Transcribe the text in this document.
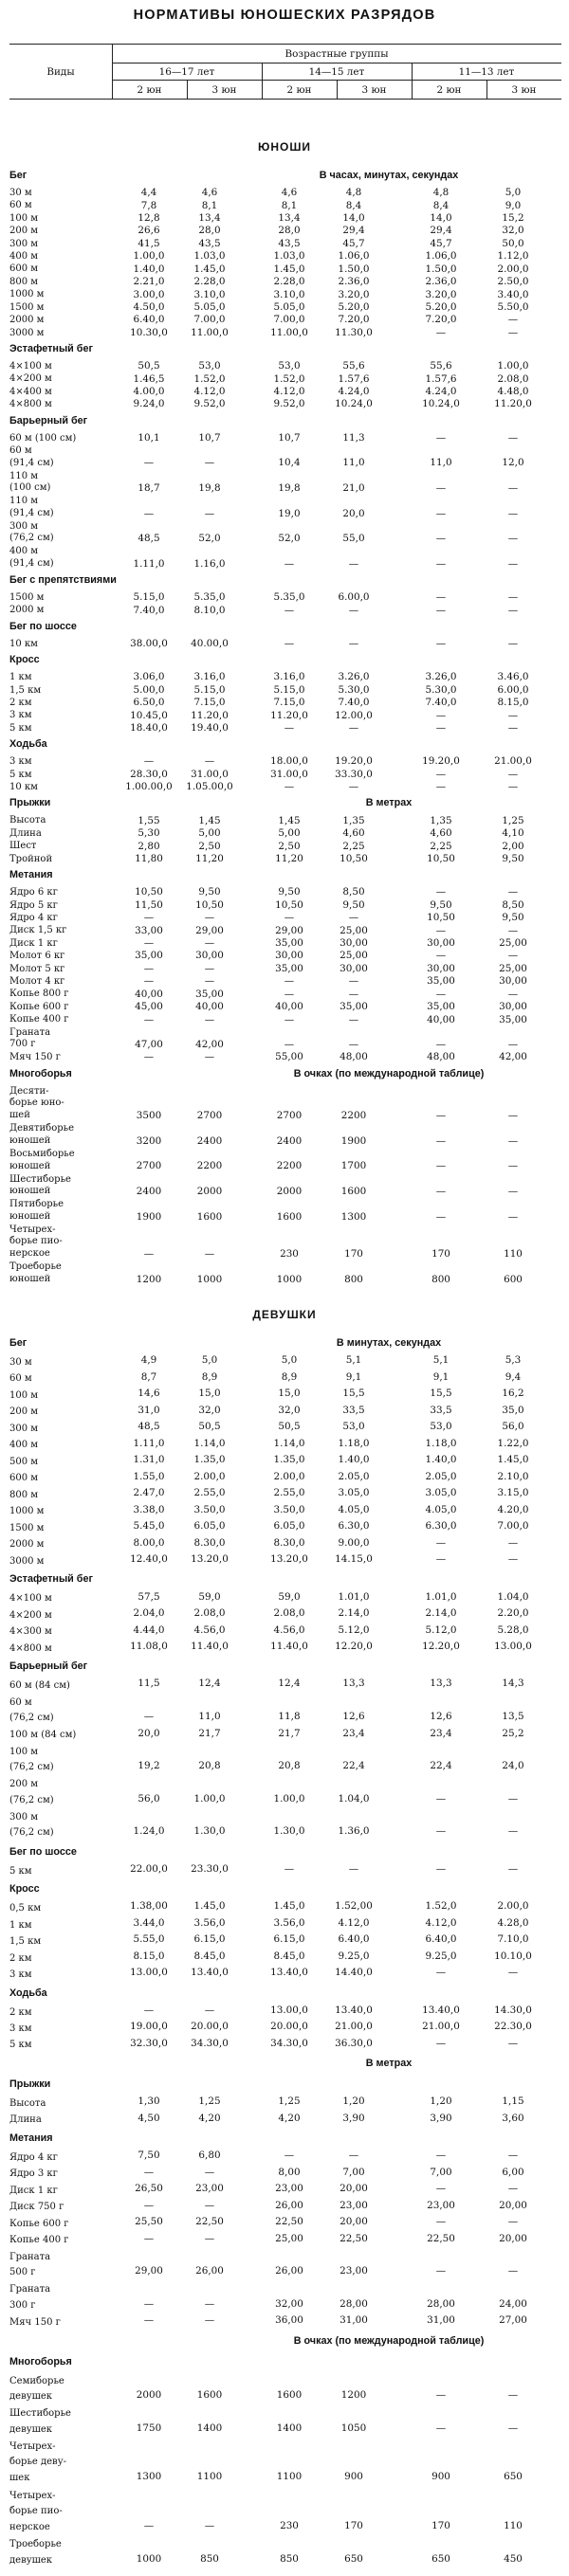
НОРМАТИВЫ ЮНОШЕСКИХ РАЗРЯДОВ
Виды
Возрастные группы
16—17 лет	14—15 лет	11—13 лет
2 юн	3 юн	2 юн	3 юн	2 юн	3 юн
ЮНОШИ
Бег	В часах, минутах, секундах
30 м	4,4	4,6	4,6	4,8	4,8	5,0
60 м	7,8	8,1	8,1	8,4	8,4	9,0
100 м	12,8	13,4	13,4	14,0	14,0	15,2
200 м	26,6	28,0	28,0	29,4	29,4	32,0
300 м	41,5	43,5	43,5	45,7	45,7	50,0
400 м	1.00,0	1.03,0	1.03,0	1.06,0	1.06,0	1.12,0
600 м	1.40,0	1.45,0	1.45,0	1.50,0	1.50,0	2.00,0
800 м	2.21,0	2.28,0	2.28,0	2.36,0	2.36,0	2.50,0
1000 м	3.00,0	3.10,0	3.10,0	3.20,0	3.20,0	3.40,0
1500 м	4.50,0	5.05,0	5.05,0	5.20,0	5.20,0	5.50,0
2000 м	6.40,0	7.00,0	7.00,0	7.20,0	7.20,0	—
3000 м	10.30,0	11.00,0	11.00,0	11.30,0	—	—
Эстафетный бег
4×100 м	50,5	53,0	53,0	55,6	55,6	1.00,0
4×200 м	1.46,5	1.52,0	1.52,0	1.57,6	1.57,6	2.08,0
4×400 м	4.00,0	4.12,0	4.12,0	4.24,0	4.24,0	4.48,0
4×800 м	9.24,0	9.52,0	9.52,0	10.24,0	10.24,0	11.20,0
Барьерный бег
60 м (100 см)	10,1	10,7	10,7	11,3	—	—
60 м
(91,4 см)	—	—	10,4	11,0	11,0	12,0
110 м
(100 см)	18,7	19,8	19,8	21,0	—	—
110 м
(91,4 см)	—	—	19,0	20,0	—	—
300 м
(76,2 см)	48,5	52,0	52,0	55,0	—	—
400 м
(91,4 см)	1.11,0	1.16,0	—	—	—	—
Бег с препятствиями
1500 м	5.15,0	5.35,0	5.35,0	6.00,0	—	—
2000 м	7.40,0	8.10,0	—	—	—	—
Бег по шоссе
10 км	38.00,0	40.00,0	—	—	—	—
Кросс
1 км	3.06,0	3.16,0	3.16,0	3.26,0	3.26,0	3.46,0
1,5 км	5.00,0	5.15,0	5.15,0	5.30,0	5.30,0	6.00,0
2 км	6.50,0	7.15,0	7.15,0	7.40,0	7.40,0	8.15,0
3 км	10.45,0	11.20,0	11.20,0	12.00,0	—	—
5 км	18.40,0	19.40,0	—	—	—	—
Ходьба
3 км	—	—	18.00,0	19.20,0	19.20,0	21.00,0
5 км	28.30,0	31.00,0	31.00,0	33.30,0	—	—
10 км	1.00.00,0	1.05.00,0	—	—	—	—
Прыжки	В метрах
Высота	1,55	1,45	1,45	1,35	1,35	1,25
Длина	5,30	5,00	5,00	4,60	4,60	4,10
Шест	2,80	2,50	2,50	2,25	2,25	2,00
Тройной	11,80	11,20	11,20	10,50	10,50	9,50
Метания
Ядро 6 кг	10,50	9,50	9,50	8,50	—	—
Ядро 5 кг	11,50	10,50	10,50	9,50	9,50	8,50
Ядро 4 кг	—	—	—	—	10,50	9,50
Диск 1,5 кг	33,00	29,00	29,00	25,00	—	—
Диск 1 кг	—	—	35,00	30,00	30,00	25,00
Молот 6 кг	35,00	30,00	30,00	25,00	—	—
Молот 5 кг	—	—	35,00	30,00	30,00	25,00
Молот 4 кг	—	—	—	—	35,00	30,00
Копье 800 г	40,00	35,00	—	—	—	—
Копье 600 г	45,00	40,00	40,00	35,00	35,00	30,00
Копье 400 г	—	—	—	—	40,00	35,00
Граната
700 г	47,00	42,00	—	—	—	—
Мяч 150 г	—	—	55,00	48,00	48,00	42,00
Многоборья	В очках (по международной таблице)
Десяти-
борье юно-
шей	3500	2700	2700	2200	—	—
Девятиборье
юношей	3200	2400	2400	1900	—	—
Восьмиборье
юношей	2700	2200	2200	1700	—	—
Шестиборье
юношей	2400	2000	2000	1600	—	—
Пятиборье
юношей	1900	1600	1600	1300	—	—
Четырех-
борье пио-
нерское	—	—	230	170	170	110
Троеборье
юношей	1200	1000	1000	800	800	600
ДЕВУШКИ
Бег	В минутах, секундах
30 м	4,9	5,0	5,0	5,1	5,1	5,3
60 м	8,7	8,9	8,9	9,1	9,1	9,4
100 м	14,6	15,0	15,0	15,5	15,5	16,2
200 м	31,0	32,0	32,0	33,5	33,5	35,0
300 м	48,5	50,5	50,5	53,0	53,0	56,0
400 м	1.11,0	1.14,0	1.14,0	1.18,0	1.18,0	1.22,0
500 м	1.31,0	1.35,0	1.35,0	1.40,0	1.40,0	1.45,0
600 м	1.55,0	2.00,0	2.00,0	2.05,0	2.05,0	2.10,0
800 м	2.47,0	2.55,0	2.55,0	3.05,0	3.05,0	3.15,0
1000 м	3.38,0	3.50,0	3.50,0	4.05,0	4.05,0	4.20,0
1500 м	5.45,0	6.05,0	6.05,0	6.30,0	6.30,0	7.00,0
2000 м	8.00,0	8.30,0	8.30,0	9.00,0	—	—
3000 м	12.40,0	13.20,0	13.20,0	14.15,0	—	—
Эстафетный бег
4×100 м	57,5	59,0	59,0	1.01,0	1.01,0	1.04,0
4×200 м	2.04,0	2.08,0	2.08,0	2.14,0	2.14,0	2.20,0
4×300 м	4.44,0	4.56,0	4.56,0	5.12,0	5.12,0	5.28,0
4×800 м	11.08,0	11.40,0	11.40,0	12.20,0	12.20,0	13.00,0
Барьерный бег
60 м (84 см)	11,5	12,4	12,4	13,3	13,3	14,3
60 м
(76,2 см)	—	11,0	11,8	12,6	12,6	13,5
100 м (84 см)	20,0	21,7	21,7	23,4	23,4	25,2
100 м
(76,2 см)	19,2	20,8	20,8	22,4	22,4	24,0
200 м
(76,2 см)	56,0	1.00,0	1.00,0	1.04,0	—	—
300 м
(76,2 см)	1.24,0	1.30,0	1.30,0	1.36,0	—	—
Бег по шоссе
5 км	22.00,0	23.30,0	—	—	—	—
Кросс
0,5 км	1.38,00	1.45,0	1.45,0	1.52,00	1.52,0	2.00,0
1 км	3.44,0	3.56,0	3.56,0	4.12,0	4.12,0	4.28,0
1,5 км	5.55,0	6.15,0	6.15,0	6.40,0	6.40,0	7.10,0
2 км	8.15,0	8.45,0	8.45,0	9.25,0	9.25,0	10.10,0
3 км	13.00,0	13.40,0	13.40,0	14.40,0	—	—
Ходьба
2 км	—	—	13.00,0	13.40,0	13.40,0	14.30,0
3 км	19.00,0	20.00,0	20.00,0	21.00,0	21.00,0	22.30,0
5 км	32.30,0	34.30,0	34.30,0	36.30,0	—	—
В метрах
Прыжки
Высота	1,30	1,25	1,25	1,20	1,20	1,15
Длина	4,50	4,20	4,20	3,90	3,90	3,60
Метания
Ядро 4 кг	7,50	6,80	—	—	—	—
Ядро 3 кг	—	—	8,00	7,00	7,00	6,00
Диск 1 кг	26,50	23,00	23,00	20,00	—	—
Диск 750 г	—	—	26,00	23,00	23,00	20,00
Копье 600 г	25,50	22,50	22,50	20,00	—	—
Копье 400 г	—	—	25,00	22,50	22,50	20,00
Граната
500 г	29,00	26,00	26,00	23,00	—	—
Граната
300 г	—	—	32,00	28,00	28,00	24,00
Мяч 150 г	—	—	36,00	31,00	31,00	27,00
В очках (по международной таблице)
Многоборья
Семиборье
девушек	2000	1600	1600	1200	—	—
Шестиборье
девушек	1750	1400	1400	1050	—	—
Четырех-
борье деву-
шек	1300	1100	1100	900	900	650
Четырех-
борье пио-
нерское	—	—	230	170	170	110
Троеборье
девушек	1000	850	850	650	650	450
